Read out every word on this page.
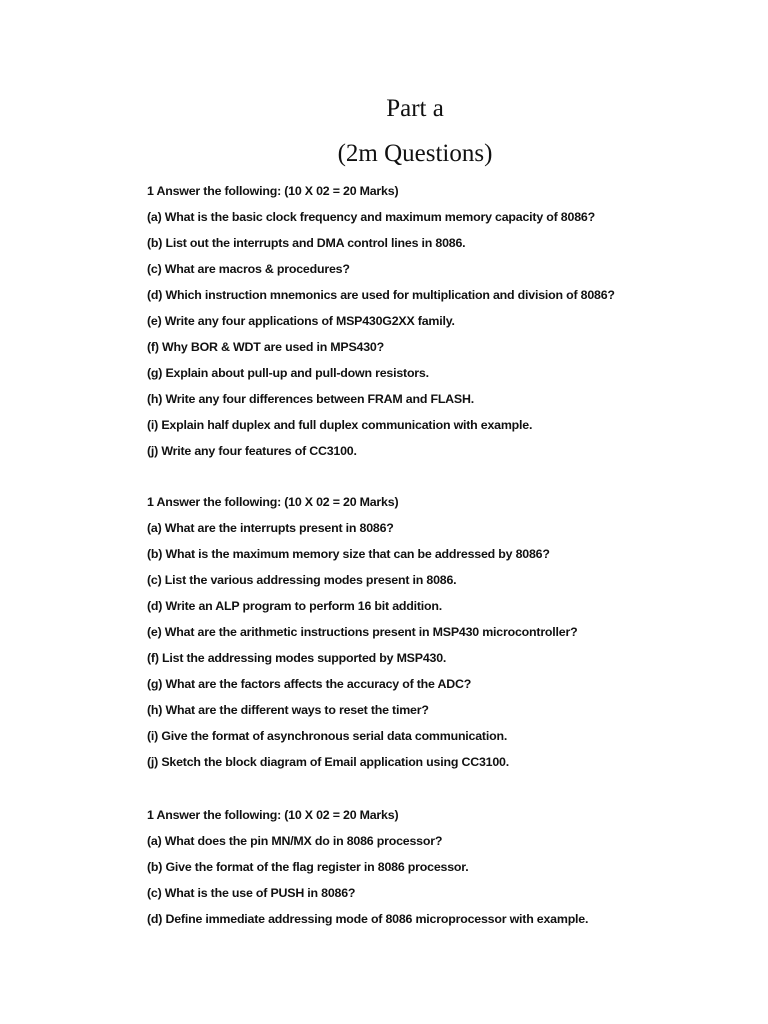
Part a
(2m Questions)
1 Answer the following: (10 X 02 = 20 Marks)
(a) What is the basic clock frequency and maximum memory capacity of 8086?
(b) List out the interrupts and DMA control lines in 8086.
(c) What are macros & procedures?
(d) Which instruction mnemonics are used for multiplication and division of 8086?
(e) Write any four applications of MSP430G2XX family.
(f) Why BOR & WDT are used in MPS430?
(g) Explain about pull-up and pull-down resistors.
(h) Write any four differences between FRAM and FLASH.
(i) Explain half duplex and full duplex communication with example.
(j) Write any four features of CC3100.
1 Answer the following: (10 X 02 = 20 Marks)
(a) What are the interrupts present in 8086?
(b) What is the maximum memory size that can be addressed by 8086?
(c) List the various addressing modes present in 8086.
(d) Write an ALP program to perform 16 bit addition.
(e) What are the arithmetic instructions present in MSP430 microcontroller?
(f) List the addressing modes supported by MSP430.
(g) What are the factors affects the accuracy of the ADC?
(h) What are the different ways to reset the timer?
(i) Give the format of asynchronous serial data communication.
(j) Sketch the block diagram of Email application using CC3100.
1 Answer the following: (10 X 02 = 20 Marks)
(a) What does the pin MN/MX do in 8086 processor?
(b) Give the format of the flag register in 8086 processor.
(c) What is the use of PUSH in 8086?
(d) Define immediate addressing mode of 8086 microprocessor with example.
